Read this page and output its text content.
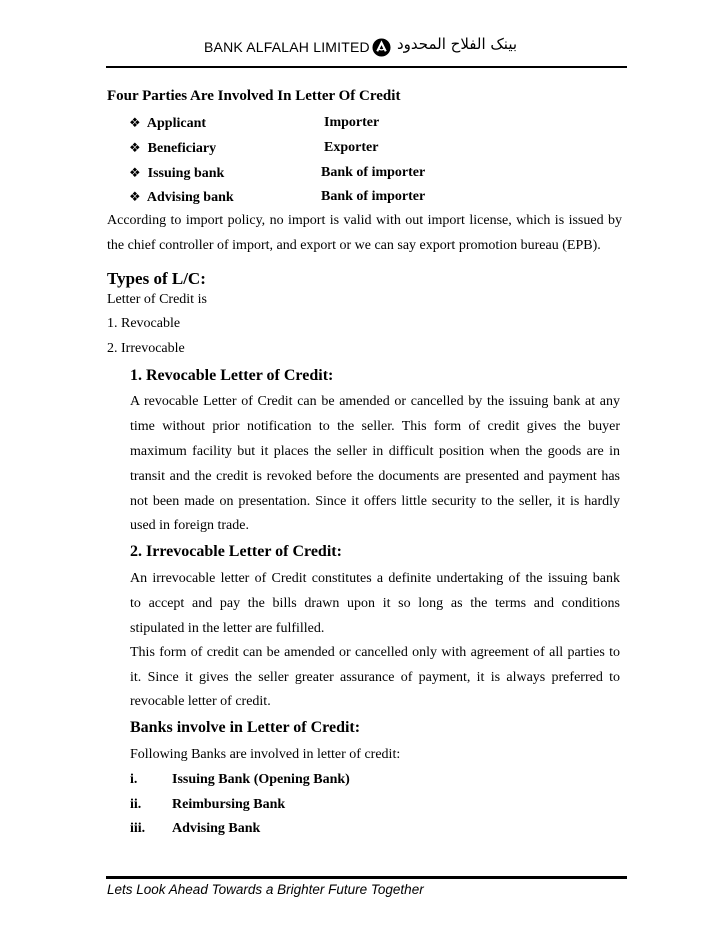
BANK ALFALAH LIMITED بینک الفلاح المحدود
Four Parties Are Involved In Letter Of Credit
❖ Applicant	Importer
❖ Beneficiary	Exporter
❖ Issuing bank	Bank of importer
❖ Advising bank	Bank of importer
According to import policy, no import is valid with out import license, which is issued by
the chief controller of import, and export or we can say export promotion bureau (EPB).
Types of L/C:
Letter of Credit is
1. Revocable
2. Irrevocable
1. Revocable Letter of Credit:
A revocable Letter of Credit can be amended or cancelled by the issuing bank at any
time without prior notification to the seller. This form of credit gives the buyer
maximum facility but it places the seller in difficult position when the goods are in
transit and the credit is revoked before the documents are presented and payment has
not been made on presentation. Since it offers little security to the seller, it is hardly
used in foreign trade.
2. Irrevocable Letter of Credit:
An irrevocable letter of Credit constitutes a definite undertaking of the issuing bank
to accept and pay the bills drawn upon it so long as the terms and conditions
stipulated in the letter are fulfilled.
This form of credit can be amended or cancelled only with agreement of all parties to
it. Since it gives the seller greater assurance of payment, it is always preferred to
revocable letter of credit.
Banks involve in Letter of Credit:
Following Banks are involved in letter of credit:
i. Issuing Bank (Opening Bank)
ii. Reimbursing Bank
iii. Advising Bank
Lets Look Ahead Towards a Brighter Future Together
